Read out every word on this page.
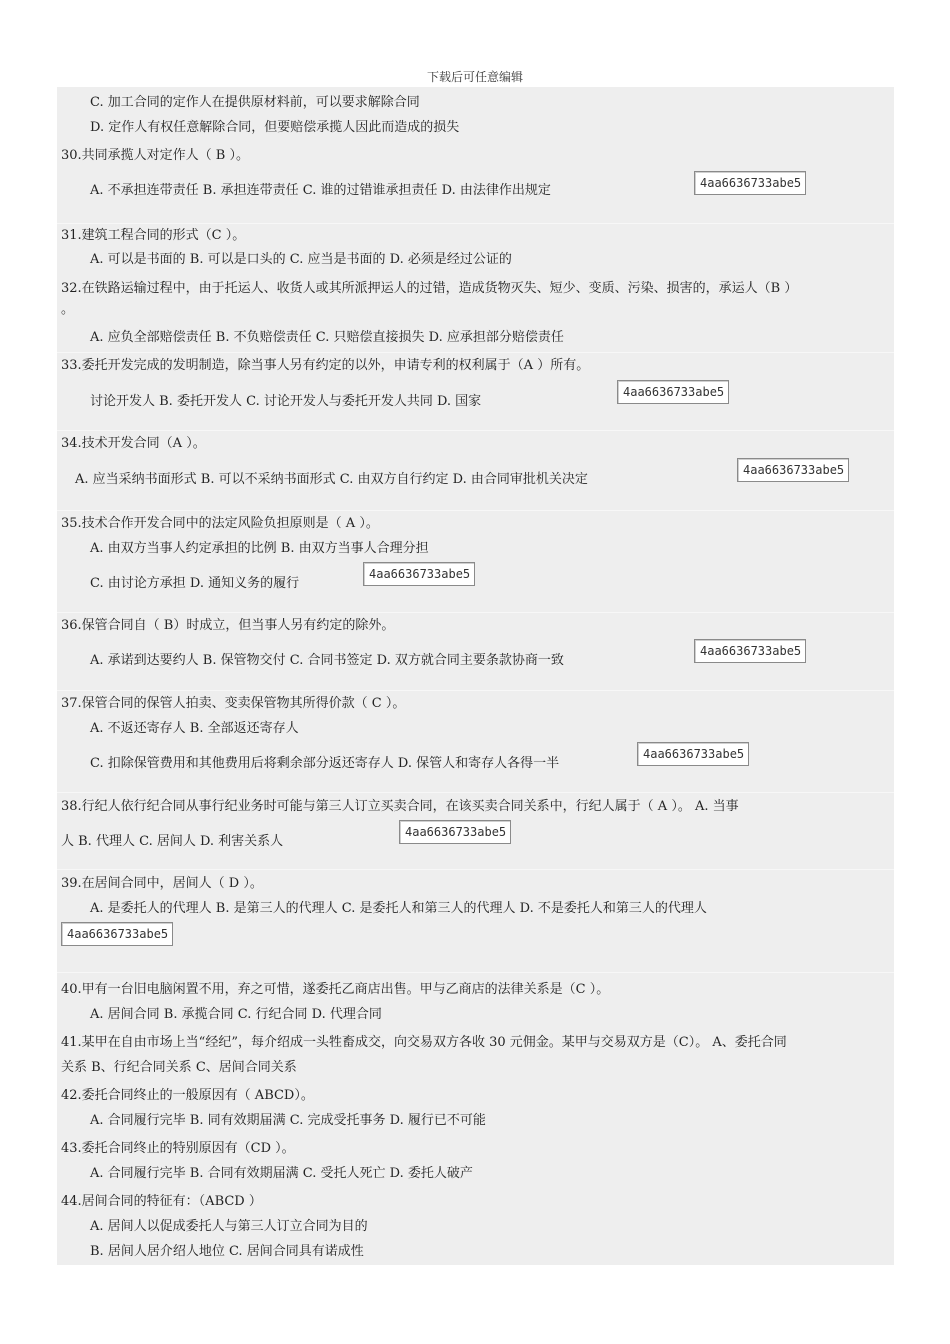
下载后可任意编辑
C. 加工合同的定作人在提供原材料前，可以要求解除合同
D. 定作人有权任意解除合同，但要赔偿承揽人因此而造成的损失
30.共同承揽人对定作人（ B ）。
A. 不承担连带责任 B. 承担连带责任 C. 谁的过错谁承担责任 D. 由法律作出规定	4aa6636733abe5
31.建筑工程合同的形式（C ）。
A. 可以是书面的 B. 可以是口头的 C. 应当是书面的 D. 必须是经过公证的
32.在铁路运输过程中，由于托运人、收货人或其所派押运人的过错，造成货物灭失、短少、变质、污染、损害的，承运人（B ）
。
A. 应负全部赔偿责任 B. 不负赔偿责任 C. 只赔偿直接损失 D. 应承担部分赔偿责任
33.委托开发完成的发明制造，除当事人另有约定的以外，申请专利的权利属于（A ）所有。
讨论开发人 B. 委托开发人 C. 讨论开发人与委托开发人共同 D. 国家
4aa6636733abe5
34.技术开发合同（A ）。
A. 应当采纳书面形式 B. 可以不采纳书面形式 C. 由双方自行约定 D. 由合同审批机关决定
4aa6636733abe5
35.技术合作开发合同中的法定风险负担原则是（ A ）。
A. 由双方当事人约定承担的比例 B. 由双方当事人合理分担
C. 由讨论方承担 D. 通知义务的履行
4aa6636733abe5
36.保管合同自（ B）时成立，但当事人另有约定的除外。
A. 承诺到达要约人 B. 保管物交付 C. 合同书签定 D. 双方就合同主要条款协商一致
4aa6636733abe5
37.保管合同的保管人拍卖、变卖保管物其所得价款（ C ）。
A. 不返还寄存人 B. 全部返还寄存人
C. 扣除保管费用和其他费用后将剩余部分返还寄存人 D. 保管人和寄存人各得一半
4aa6636733abe5
38.行纪人依行纪合同从事行纪业务时可能与第三人订立买卖合同，在该买卖合同关系中，行纪人属于（ A ）。 A. 当事
人 B. 代理人 C. 居间人 D. 利害关系人
4aa6636733abe5
39.在居间合同中，居间人（ D ）。
A. 是委托人的代理人 B. 是第三人的代理人 C. 是委托人和第三人的代理人 D. 不是委托人和第三人的代理人
4aa6636733abe5
40.甲有一台旧电脑闲置不用，弃之可惜，遂委托乙商店出售。甲与乙商店的法律关系是（C ）。
A. 居间合同 B. 承揽合同 C. 行纪合同 D. 代理合同
41.某甲在自由市场上当“经纪”，每介绍成一头牲畜成交，向交易双方各收 30 元佣金。某甲与交易双方是（C）。 A、委托合同
关系 B、行纪合同关系 C、居间合同关系
42.委托合同终止的一般原因有（ ABCD）。
A. 合同履行完毕 B. 同有效期届满 C. 完成受托事务 D. 履行已不可能
43.委托合同终止的特别原因有（CD ）。
A. 合同履行完毕 B. 合同有效期届满 C. 受托人死亡 D. 委托人破产
44.居间合同的特征有：（ABCD ）
A. 居间人以促成委托人与第三人订立合同为目的
B. 居间人居介绍人地位 C. 居间合同具有诺成性
